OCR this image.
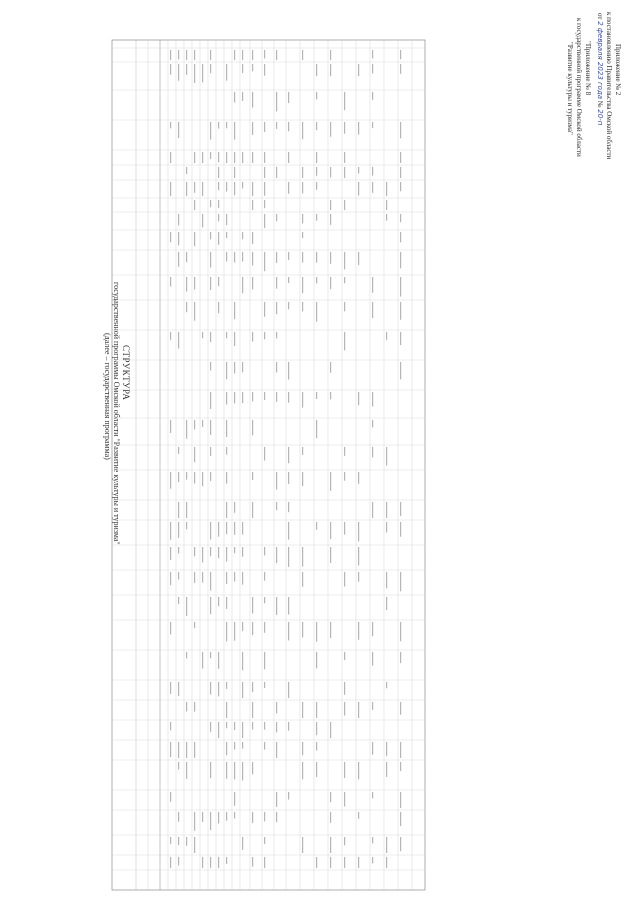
Приложение № 2
к постановлению Правительства Омской области
от 2 февраля 2023 года № 20-п
"Приложение № 8
к государственной программе Омской области
"Развитие культуры и туризма"
СТРУКТУРА
государственной программы Омской области "Развитие культуры и туризма"
(далее – государственная программа)
